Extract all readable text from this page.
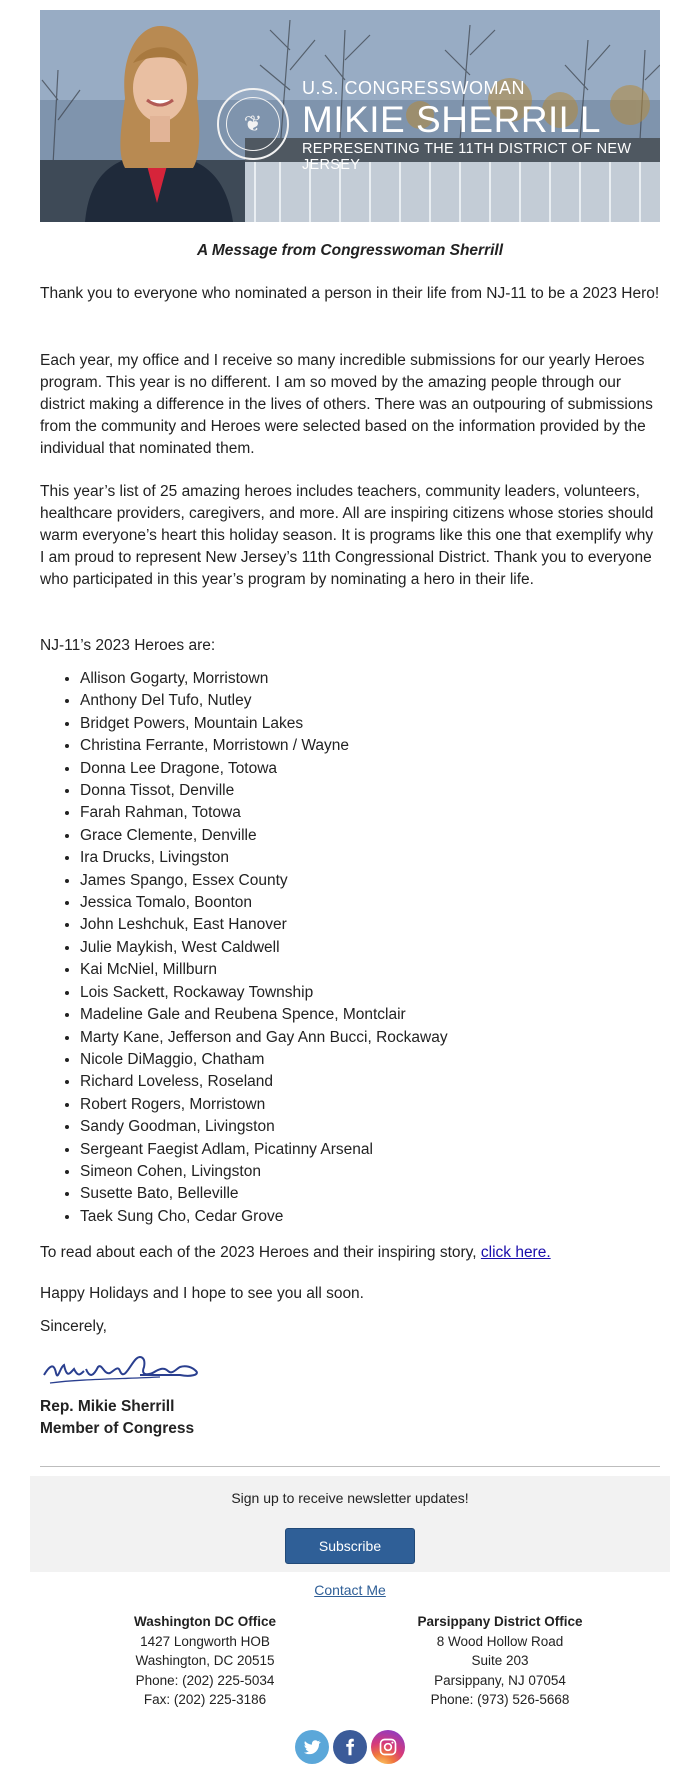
❦
U.S. CONGRESSWOMAN
MIKIE SHERRILL
REPRESENTING THE 11TH DISTRICT OF NEW JERSEY
A Message from Congresswoman Sherrill

Thank you to everyone who nominated a person in their life from NJ-11 to be a 2023 Hero!

Each year, my office and I receive so many incredible submissions for our yearly Heroes program. This year is no different. I am so moved by the amazing people through our district making a difference in the lives of others. There was an outpouring of submissions from the community and Heroes were selected based on the information provided by the individual that nominated them.

This year’s list of 25 amazing heroes includes teachers, community leaders, volunteers, healthcare providers, caregivers, and more. All are inspiring citizens whose stories should warm everyone’s heart this holiday season. It is programs like this one that exemplify why I am proud to represent New Jersey’s 11th Congressional District. Thank you to everyone who participated in this year’s program by nominating a hero in their life.

NJ-11’s 2023 Heroes are:

• Allison Gogarty, Morristown
• Anthony Del Tufo, Nutley
• Bridget Powers, Mountain Lakes
• Christina Ferrante, Morristown / Wayne
• Donna Lee Dragone, Totowa
• Donna Tissot, Denville
• Farah Rahman, Totowa
• Grace Clemente, Denville
• Ira Drucks, Livingston
• James Spango, Essex County
• Jessica Tomalo, Boonton
• John Leshchuk, East Hanover
• Julie Maykish, West Caldwell
• Kai McNiel, Millburn
• Lois Sackett, Rockaway Township
• Madeline Gale and Reubena Spence, Montclair
• Marty Kane, Jefferson and Gay Ann Bucci, Rockaway
• Nicole DiMaggio, Chatham
• Richard Loveless, Roseland
• Robert Rogers, Morristown
• Sandy Goodman, Livingston
• Sergeant Faegist Adlam, Picatinny Arsenal
• Simeon Cohen, Livingston
• Susette Bato, Belleville
• Taek Sung Cho, Cedar Grove

To read about each of the 2023 Heroes and their inspiring story, click here.

Happy Holidays and I hope to see you all soon.

Sincerely,

Rep. Mikie Sherrill
Member of Congress
Sign up to receive newsletter updates!
Subscribe
Contact Me
Washington DC Office
1427 Longworth HOB
Washington, DC 20515
Phone: (202) 225-5034
Fax: (202) 225-3186
Parsippany District Office
8 Wood Hollow Road
Suite 203
Parsippany, NJ 07054
Phone: (973) 526-5668
